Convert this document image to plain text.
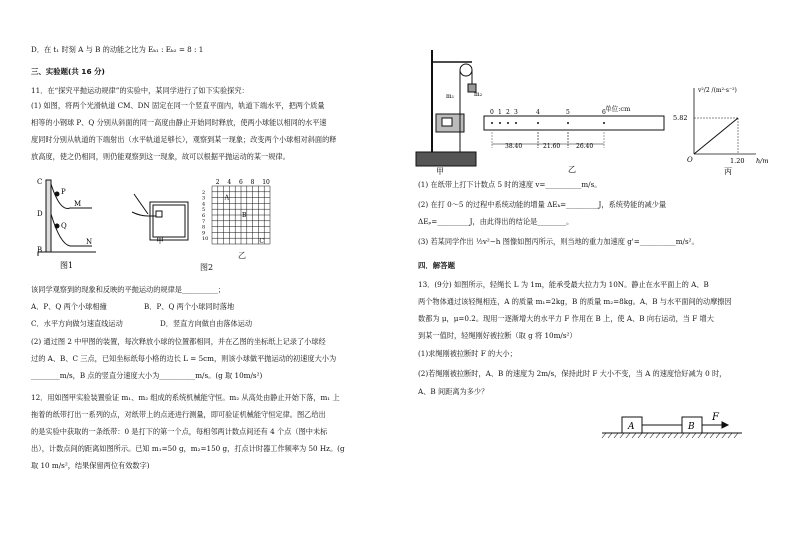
D．在 t₁ 时刻 A 与 B 的动能之比为 Eₖ₁ : Eₖ₂ = 8 : 1
三、实验题(共 16 分)
11．在“探究平抛运动规律”的实验中，某同学进行了如下实验探究：
(1) 如图，将两个光滑轨道 CM、DN 固定在同一个竖直平面内，轨道下端水平，把两个质量
相等的小钢球 P、Q 分别从斜面的同一高度由静止开始同时释放，使两小球能以相同的水平速
度同时分别从轨道的下端射出（水平轨道足够长），观察到某一现象；改变两个小球相对斜面的释
放高度，使之仍相同，则仍能观察到这一现象，故可以根据平抛运动的某一规律。
C
P
M
Q
D
N
B
图1
甲
2 4 6 8 10
2
3
4
5
6
7
8
9
10
A
B
C
图2
乙
该同学观察到的现象和反映的平抛运动的规律是__________；
A．P、Q 两个小球相撞	B．P、Q 两个小球同时落地
C．水平方向做匀速直线运动	D．竖直方向做自由落体运动
(2) 通过图 2 中甲图的装置，每次释放小球的位置都相同，并在乙图的坐标纸上记录了小球经
过的 A、B、C 三点，已知坐标纸每小格的边长 L = 5cm，则该小球做平抛运动的初速度大小为
________m/s，B 点的竖直分速度大小为__________m/s。(g 取 10m/s²)
12．用如图甲实验装置验证 m₁、m₂ 组成的系统机械能守恒。m₂ 从高处由静止开始下落，m₁ 上
拖着的纸带打出一系列的点，对纸带上的点迹进行测量，即可验证机械能守恒定律。图乙给出
的是实验中获取的一条纸带：0 是打下的第一个点，每相邻两计数点间还有 4 个点（图中未标
出），计数点间的距离如图所示。已知 m₁=50 g，m₂=150 g，打点计时器工作频率为 50 Hz。(g
取 10 m/s²，结果保留两位有效数字)
m₁	m₂
甲
0 1 2 3	4	5	6
38.40	21.60	26.40
乙
单位:cm
v²/2 /(m²·s⁻²)
5.82
1.20 h/m
O
丙
(1) 在纸带上打下计数点 5 时的速度 v=__________m/s。
(2) 在打 0～5 的过程中系统动能的增量 ΔEₖ=_________J，系统势能的减少量
ΔEₚ=_________J，由此得出的结论是________。
(3) 若某同学作出 ½v²−h 图像如图丙所示，则当地的重力加速度 g'=__________m/s²。
四．解答题
13．(9分) 如图所示，轻绳长 L 为 1m，能承受最大拉力为 10N。静止在水平面上的 A、B
两个物体通过该轻绳相连，A 的质量 m₁=2kg，B 的质量 m₂=8kg。A、B 与水平面间的动摩擦因
数都为 μ，μ=0.2。现用一逐渐增大的水平力 F 作用在 B 上，使 A、B 向右运动，当 F 增大
到某一值时，轻绳刚好被拉断（取 g 将 10m/s²）
(1)求绳刚被拉断时 F 的大小；
(2)若绳刚被拉断时，A、B 的速度为 2m/s，保持此时 F 大小不变，当 A 的速度恰好减为 0 时，
A、B 间距离为多少？
A	B
F
